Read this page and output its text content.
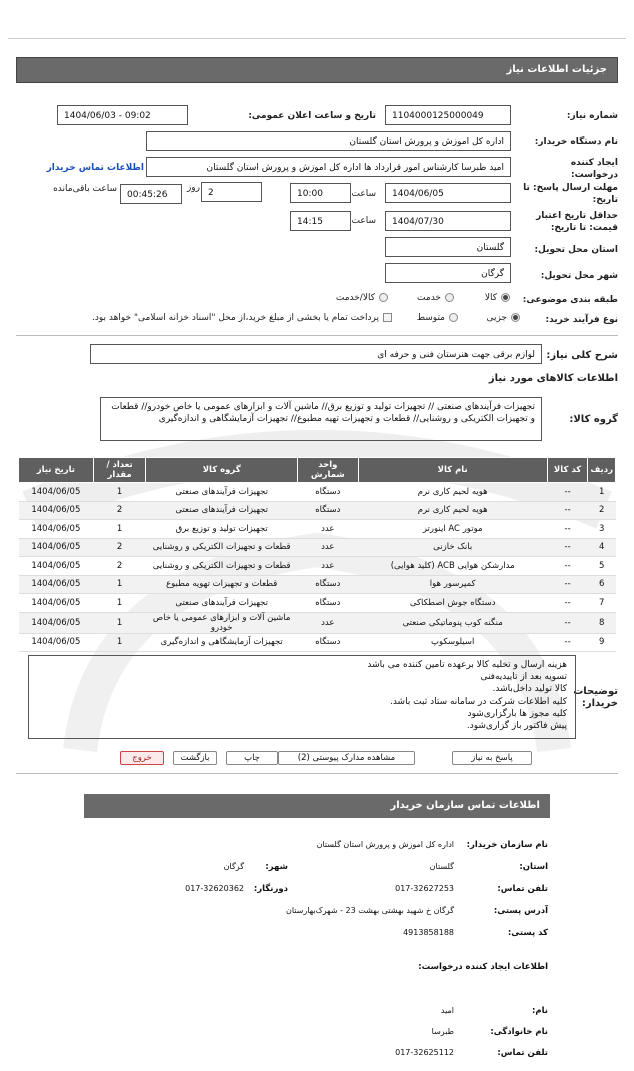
جزئیات اطلاعات نیاز
شماره نیاز:
1104000125000049
تاریخ و ساعت اعلان عمومی:
1404/06/03 - 09:02
نام دستگاه خریدار:
اداره کل اموزش و پرورش استان گلستان
ایجاد کننده
درخواست:
امید طبرسا کارشناس امور قرارداد ها اداره کل اموزش و پرورش استان گلستان
اطلاعات تماس خریدار
مهلت ارسال پاسخ: تا
تاریخ:
1404/06/05
ساعت
10:00
2
روز
00:45:26
ساعت باقی‌مانده
حداقل تاریخ اعتبار
قیمت: تا تاریخ:
1404/07/30
ساعت
14:15
استان محل تحویل:
گلستان
شهر محل تحویل:
گرگان
طبقه بندی موضوعی:
کالا
خدمت
کالا/خدمت
نوع فرآیند خرید:
جزیی
متوسط
پرداخت تمام یا بخشی از مبلغ خرید،از محل "اسناد خزانه اسلامی" خواهد بود.
شرح کلی نیاز:
لوازم برقی جهت هنرستان فنی و حرفه ای
اطلاعات کالاهای مورد نیاز
گروه کالا:
تجهیزات فرآیندهای صنعتی // تجهیزات تولید و توزیع برق// ماشین آلات و ابزارهای عمومی یا خاص خودرو// قطعات و تجهیزات الکتریکی و روشنایی// قطعات و تجهیزات تهیه مطبوع// تجهیزات آزمایشگاهی و اندازه‌گیری
ردیف	کد کالا	نام کالا	واحد شمارش	گروه کالا	تعداد / مقدار	تاریخ نیاز
1	--	هویه لحیم کاری نرم	دستگاه	تجهیزات فرآیندهای صنعتی	1	1404/06/05
2	--	هویه لحیم کاری نرم	دستگاه	تجهیزات فرآیندهای صنعتی	2	1404/06/05
3	--	موتور AC اینورتر	عدد	تجهیزات تولید و توزیع برق	1	1404/06/05
4	--	بانک خازنی	عدد	قطعات و تجهیزات الکتریکی و روشنایی	2	1404/06/05
5	--	مدارشکن هوایی ACB (کلید هوایی)	عدد	قطعات و تجهیزات الکتریکی و روشنایی	2	1404/06/05
6	--	کمپرسور هوا	دستگاه	قطعات و تجهیزات تهویه مطبوع	1	1404/06/05
7	--	دستگاه جوش اصطکاکی	دستگاه	تجهیزات فرآیندهای صنعتی	1	1404/06/05
8	--	منگنه کوب پنوماتیکی صنعتی	عدد	ماشین آلات و ابزارهای عمومی یا خاص خودرو	1	1404/06/05
9	--	اسیلوسکوپ	دستگاه	تجهیزات آزمایشگاهی و اندازه‌گیری	1	1404/06/05
توضیحات
خریدار:
هزینه ارسال و تخلیه کالا برعهده تامین کننده می باشد
تسویه بعد از تاییدیه‌فنی
کالا تولید داخل‌باشد.
کلیه اطلاعات شرکت در سامانه ستاد ثبت باشد.
کلیه مجوز ها بارگزاری‌شود
پیش فاکتور باز گزاری‌شود.
پاسخ به نیاز
مشاهده مدارک پیوستی (2)
چاپ
بازگشت
خروج
اطلاعات تماس سازمان خریدار
نام سازمان خریدار:
اداره کل اموزش و پرورش استان گلستان
استان:
گلستان
شهر:
گرگان
تلفن تماس:
017-32627253
دورنگار:
017-32620362
آدرس پستی:
گرگان خ شهید بهشتی بهشت 23 - شهرک‌بهارستان
کد پستی:
4913858188
اطلاعات ایجاد کننده درخواست:
نام:
امید
نام خانوادگی:
طبرسا
تلفن تماس:
017-32625112
